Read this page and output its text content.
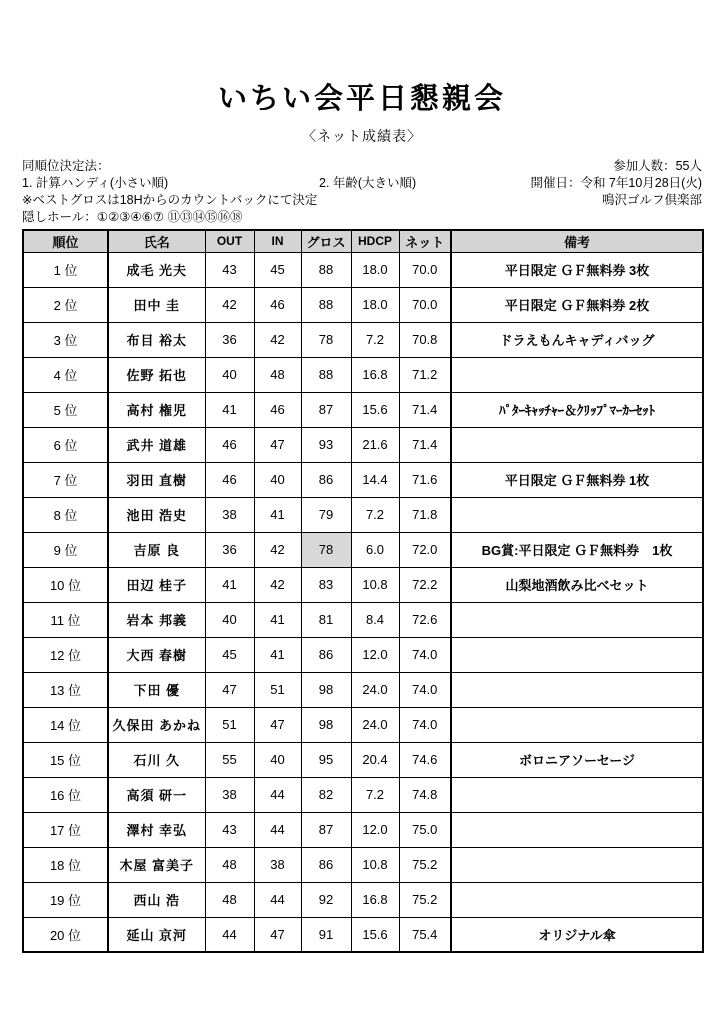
いちい会平日懇親会
〈ネット成績表〉
同順位決定法：
1. 計算ハンディ(小さい順)	2. 年齢(大きい順)
※ベストグロスは18Hからのカウントバックにて決定
隠しホール：①②③④⑥⑦ ⑪⑬⑭⑮⑯⑱
参加人数：55人
開催日：令和 7年10月28日(火)
鳴沢ゴルフ倶楽部
順位	氏名	OUT	IN	グロス	HDCP	ネット	備考
1 位	成毛 光夫	43	45	88	18.0	70.0	平日限定 ＧＦ無料券 3枚
2 位	田中 圭	42	46	88	18.0	70.0	平日限定 ＧＦ無料券 2枚
3 位	布目 裕太	36	42	78	7.2	70.8	ドラえもんキャディバッグ
4 位	佐野 拓也	40	48	88	16.8	71.2	
5 位	高村 権児	41	46	87	15.6	71.4	ﾊﾟﾀｰｷｬｯﾁｬｰ＆ｸﾘｯﾌﾟﾏｰｶｰｾｯﾄ
6 位	武井 道雄	46	47	93	21.6	71.4	
7 位	羽田 直樹	46	40	86	14.4	71.6	平日限定 ＧＦ無料券 1枚
8 位	池田 浩史	38	41	79	7.2	71.8	
9 位	吉原 良	36	42	78	6.0	72.0	BG賞:平日限定 ＧＦ無料券　1枚
10 位	田辺 桂子	41	42	83	10.8	72.2	山梨地酒飲み比べセット
11 位	岩本 邦義	40	41	81	8.4	72.6	
12 位	大西 春樹	45	41	86	12.0	74.0	
13 位	下田 優	47	51	98	24.0	74.0	
14 位	久保田 あかね	51	47	98	24.0	74.0	
15 位	石川 久	55	40	95	20.4	74.6	ボロニアソーセージ
16 位	高須 研一	38	44	82	7.2	74.8	
17 位	澤村 幸弘	43	44	87	12.0	75.0	
18 位	木屋 富美子	48	38	86	10.8	75.2	
19 位	西山 浩	48	44	92	16.8	75.2	
20 位	延山 京河	44	47	91	15.6	75.4	オリジナル傘
